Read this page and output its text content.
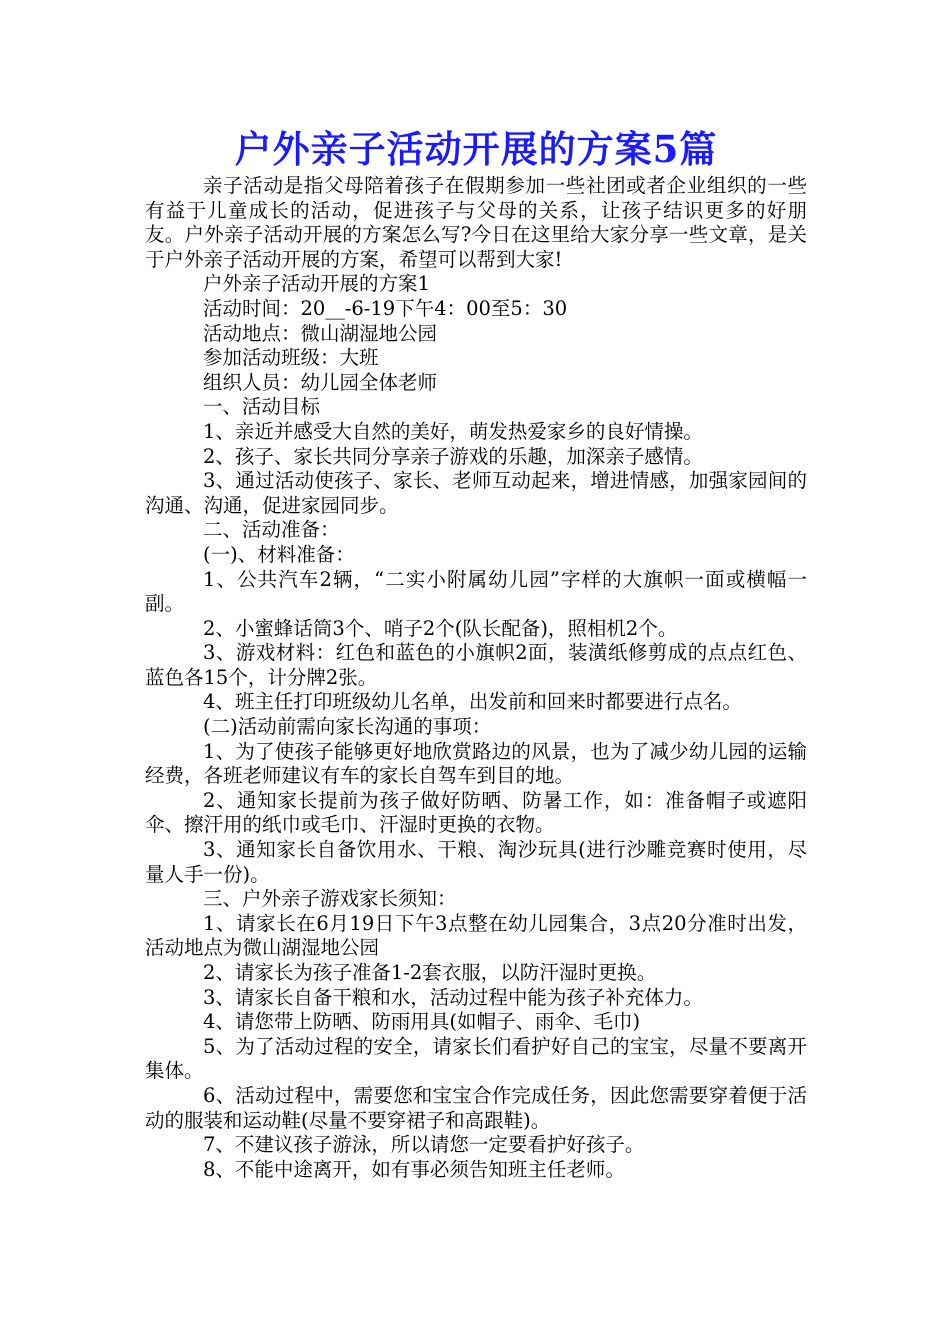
户外亲子活动开展的方案5篇

亲子活动是指父母陪着孩子在假期参加一些社团或者企业组织的一些有益于儿童成长的活动，促进孩子与父母的关系，让孩子结识更多的好朋友。户外亲子活动开展的方案怎么写?今日在这里给大家分享一些文章，是关于户外亲子活动开展的方案，希望可以帮到大家!

户外亲子活动开展的方案1

活动时间：20__-6-19下午4：00至5：30

活动地点：微山湖湿地公园

参加活动班级：大班

组织人员：幼儿园全体老师

一、活动目标

1、亲近并感受大自然的美好，萌发热爱家乡的良好情操。

2、孩子、家长共同分享亲子游戏的乐趣，加深亲子感情。

3、通过活动使孩子、家长、老师互动起来，增进情感，加强家园间的沟通、沟通，促进家园同步。

二、活动准备：

(一)、材料准备：

1、公共汽车2辆，“二实小附属幼儿园”字样的大旗帜一面或横幅一副。

2、小蜜蜂话筒3个、哨子2个(队长配备)，照相机2个。

3、游戏材料：红色和蓝色的小旗帜2面，装潢纸修剪成的点点红色、蓝色各15个，计分牌2张。

4、班主任打印班级幼儿名单，出发前和回来时都要进行点名。

(二)活动前需向家长沟通的事项：

1、为了使孩子能够更好地欣赏路边的风景，也为了减少幼儿园的运输经费，各班老师建议有车的家长自驾车到目的地。

2、通知家长提前为孩子做好防晒、防暑工作，如：准备帽子或遮阳伞、擦汗用的纸巾或毛巾、汗湿时更换的衣物。

3、通知家长自备饮用水、干粮、淘沙玩具(进行沙雕竞赛时使用，尽量人手一份)。

三、户外亲子游戏家长须知：

1、请家长在6月19日下午3点整在幼儿园集合，3点20分准时出发，活动地点为微山湖湿地公园

2、请家长为孩子准备1-2套衣服，以防汗湿时更换。

3、请家长自备干粮和水，活动过程中能为孩子补充体力。

4、请您带上防晒、防雨用具(如帽子、雨伞、毛巾)

5、为了活动过程的安全，请家长们看护好自己的宝宝，尽量不要离开集体。

6、活动过程中，需要您和宝宝合作完成任务，因此您需要穿着便于活动的服装和运动鞋(尽量不要穿裙子和高跟鞋)。

7、不建议孩子游泳，所以请您一定要看护好孩子。

8、不能中途离开，如有事必须告知班主任老师。
